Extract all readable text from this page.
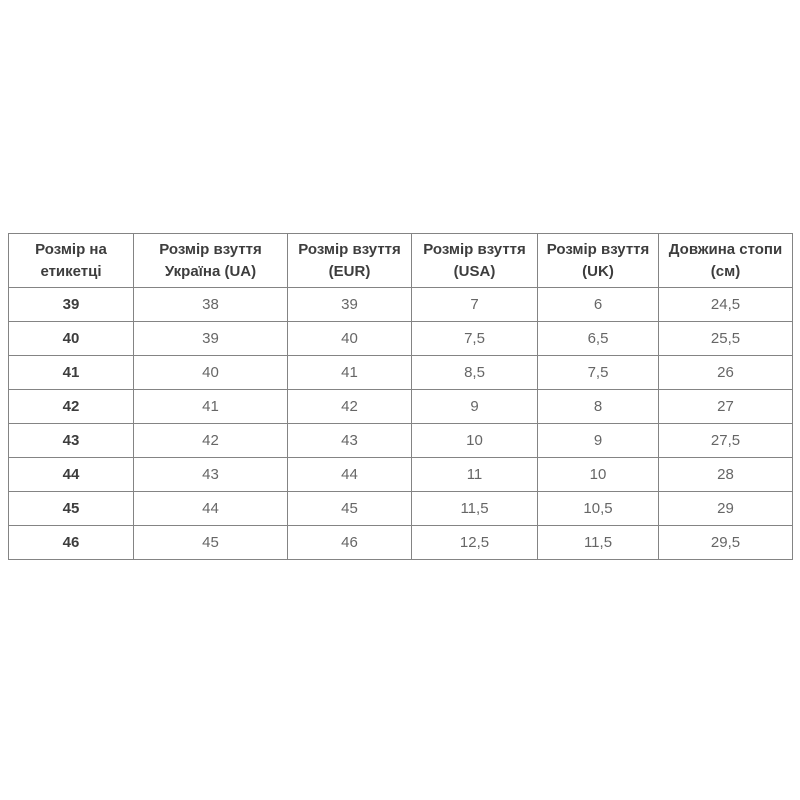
Розмір на етикетці	Розмір взуття Україна (UA)	Розмір взуття (EUR)	Розмір взуття (USA)	Розмір взуття (UK)	Довжина стопи (см)
39	38	39	7	6	24,5
40	39	40	7,5	6,5	25,5
41	40	41	8,5	7,5	26
42	41	42	9	8	27
43	42	43	10	9	27,5
44	43	44	11	10	28
45	44	45	11,5	10,5	29
46	45	46	12,5	11,5	29,5
